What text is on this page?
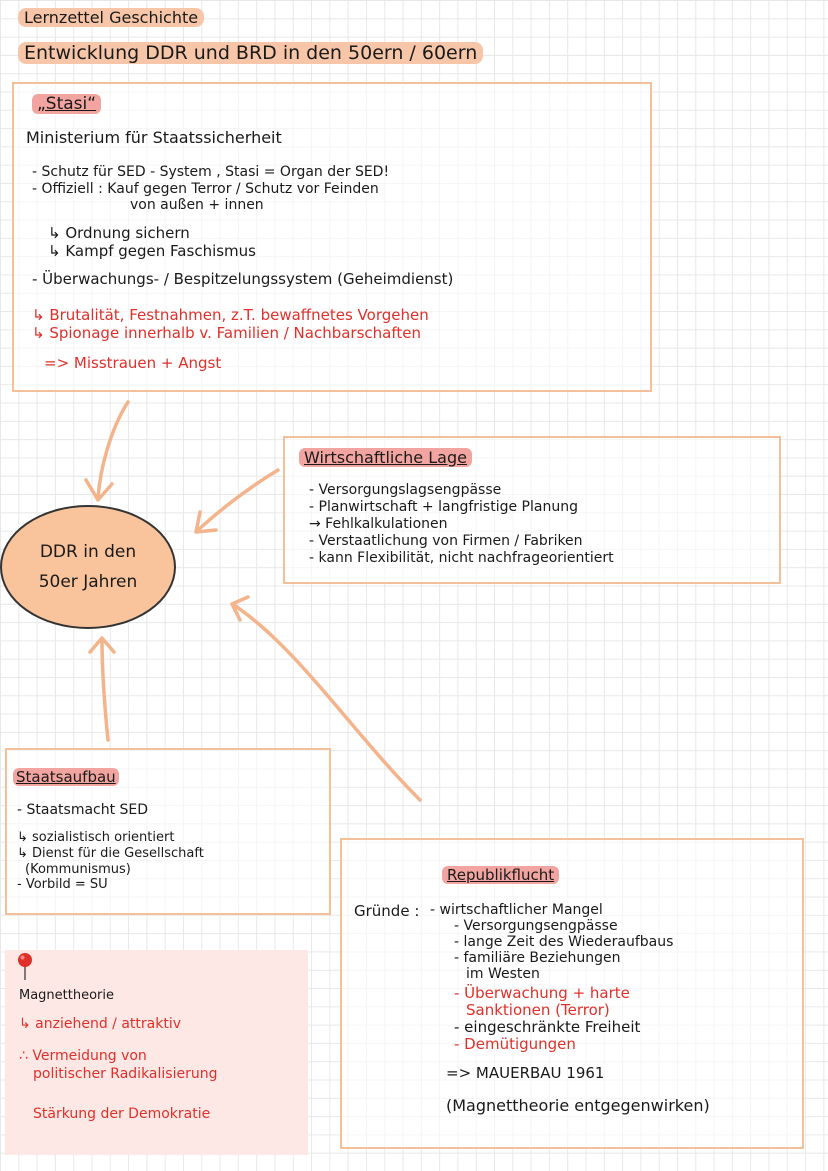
Lernzettel Geschichte
Entwicklung DDR und BRD in den 50ern / 60ern
„Stasi“
Ministerium für Staatssicherheit
- Schutz für SED - System , Stasi = Organ der SED!
- Offiziell : Kauf gegen Terror / Schutz vor Feinden
von außen + innen
↳ Ordnung sichern
↳ Kampf gegen Faschismus
- Überwachungs- / Bespitzelungssystem (Geheimdienst)
↳ Brutalität, Festnahmen, z.T. bewaffnetes Vorgehen
↳ Spionage innerhalb v. Familien / Nachbarschaften
=> Misstrauen + Angst
DDR in den
50er Jahren
Wirtschaftliche Lage
- Versorgungslagsengpässe
- Planwirtschaft + langfristige Planung
→ Fehlkalkulationen
- Verstaatlichung von Firmen / Fabriken
- kann Flexibilität, nicht nachfrageorientiert
Staatsaufbau
- Staatsmacht SED
↳ sozialistisch orientiert
↳ Dienst für die Gesellschaft
(Kommunismus)
- Vorbild = SU
Magnettheorie
↳ anziehend / attraktiv
∴ Vermeidung von
politischer Radikalisierung
Stärkung der Demokratie
Republikflucht
Gründe : - wirtschaftlicher Mangel
- Versorgungsengpässe
- lange Zeit des Wiederaufbaus
- familiäre Beziehungen
im Westen
- Überwachung + harte
Sanktionen (Terror)
- eingeschränkte Freiheit
- Demütigungen
=> MAUERBAU 1961
(Magnettheorie entgegenwirken)
